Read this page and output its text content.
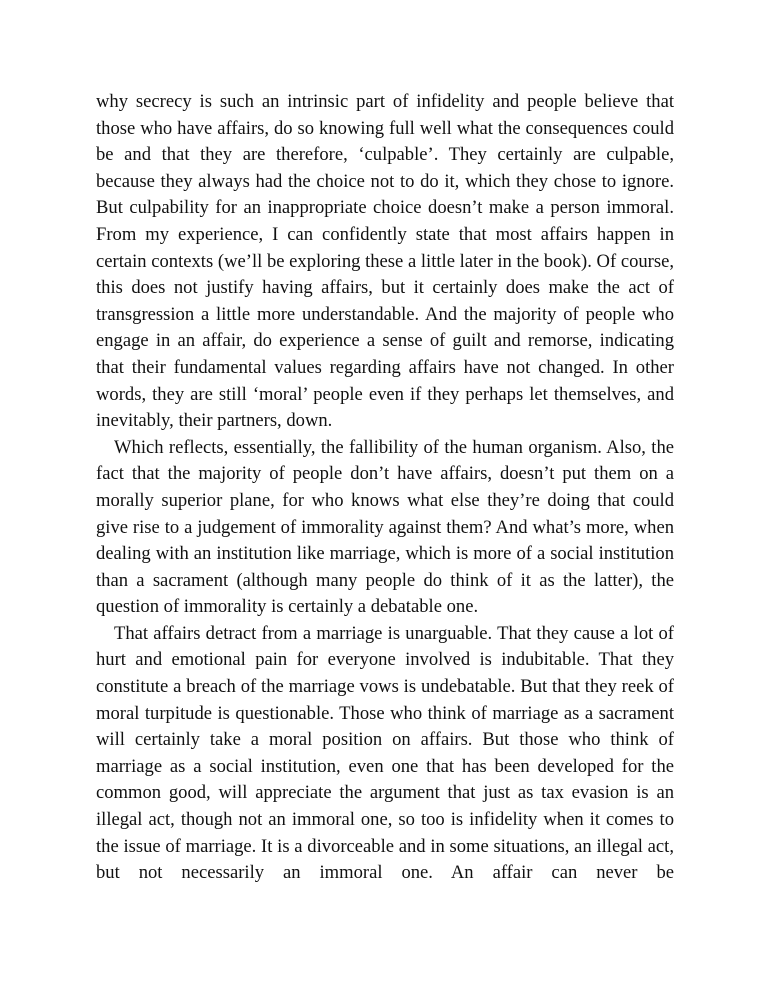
why secrecy is such an intrinsic part of infidelity and people believe that those who have affairs, do so knowing full well what the consequences could be and that they are therefore, ‘culpable’. They certainly are culpable, because they always had the choice not to do it, which they chose to ignore. But culpability for an inappropriate choice doesn’t make a person immoral. From my experience, I can confidently state that most affairs happen in certain contexts (we’ll be exploring these a little later in the book). Of course, this does not justify having affairs, but it certainly does make the act of transgression a little more understandable. And the majority of people who engage in an affair, do experience a sense of guilt and remorse, indicating that their fundamental values regarding affairs have not changed. In other words, they are still ‘moral’ people even if they perhaps let themselves, and inevitably, their partners, down.

Which reflects, essentially, the fallibility of the human organism. Also, the fact that the majority of people don’t have affairs, doesn’t put them on a morally superior plane, for who knows what else they’re doing that could give rise to a judgement of immorality against them? And what’s more, when dealing with an institution like marriage, which is more of a social institution than a sacrament (although many people do think of it as the latter), the question of immorality is certainly a debatable one.

That affairs detract from a marriage is unarguable. That they cause a lot of hurt and emotional pain for everyone involved is indubitable. That they constitute a breach of the marriage vows is undebatable. But that they reek of moral turpitude is questionable. Those who think of marriage as a sacrament will certainly take a moral position on affairs. But those who think of marriage as a social institution, even one that has been developed for the common good, will appreciate the argument that just as tax evasion is an illegal act, though not an immoral one, so too is infidelity when it comes to the issue of marriage. It is a divorceable and in some situations, an illegal act, but not necessarily an immoral one. An affair can never be
